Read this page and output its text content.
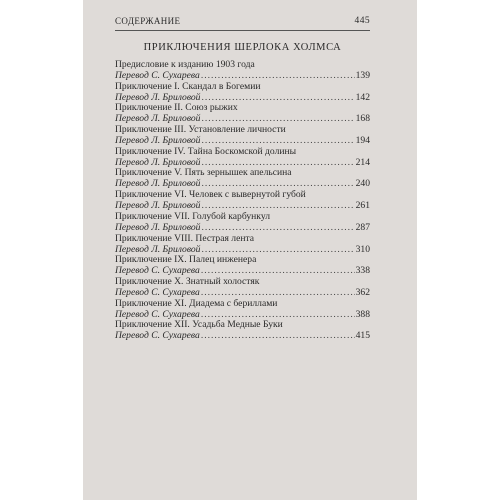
СОДЕРЖАНИЕ	445
ПРИКЛЮЧЕНИЯ ШЕРЛОКА ХОЛМСА
Предисловие к изданию 1903 года
Перевод С. Сухарева .....	139
Приключение I. Скандал в Богемии
Перевод Л. Бриловой .....	142
Приключение II. Союз рыжих
Перевод Л. Бриловой .....	168
Приключение III. Установление личности
Перевод Л. Бриловой .....	194
Приключение IV. Тайна Боскомской долины
Перевод Л. Бриловой .....	214
Приключение V. Пять зернышек апельсина
Перевод Л. Бриловой .....	240
Приключение VI. Человек с вывернутой губой
Перевод Л. Бриловой .....	261
Приключение VII. Голубой карбункул
Перевод Л. Бриловой .....	287
Приключение VIII. Пестрая лента
Перевод Л. Бриловой .....	310
Приключение IX. Палец инженера
Перевод С. Сухарева .....	338
Приключение X. Знатный холостяк
Перевод С. Сухарева .....	362
Приключение XI. Диадема с бериллами
Перевод С. Сухарева .....	388
Приключение XII. Усадьба Медные Буки
Перевод С. Сухарева .....	415
